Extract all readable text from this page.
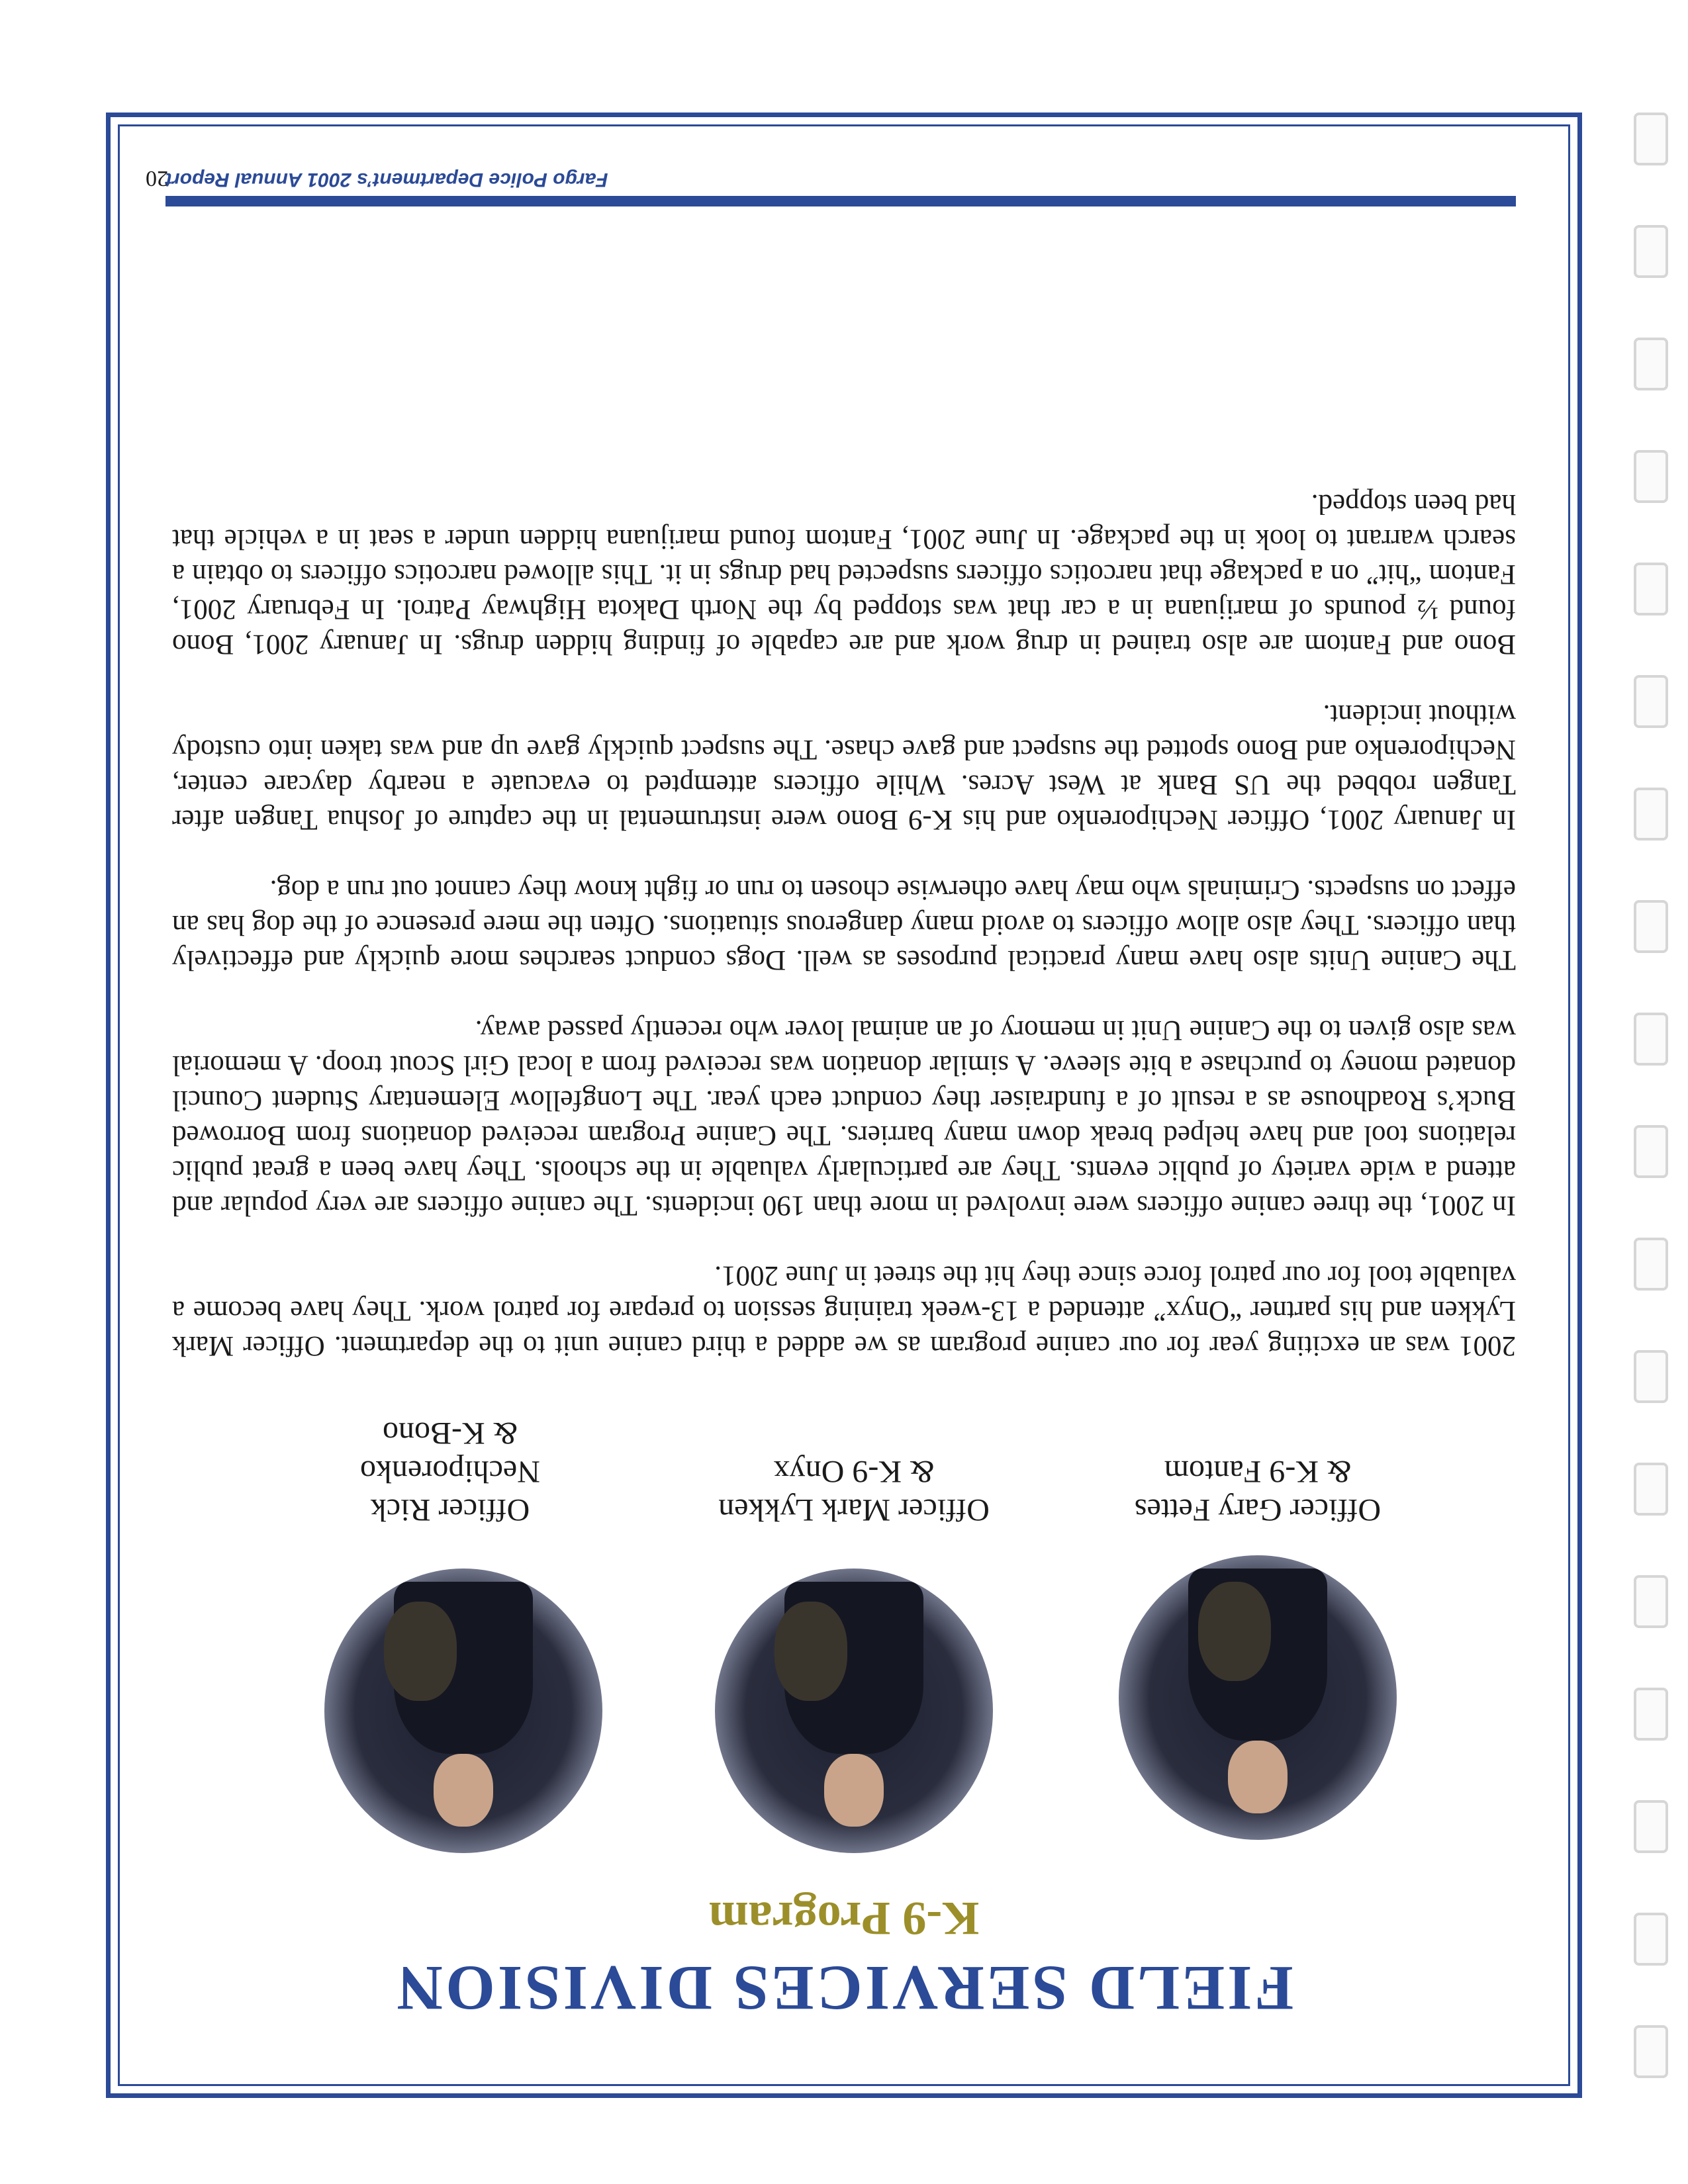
FIELD SERVICES DIVISION
K-9 Program
Officer Gary Fettes
& K-9 Fantom
Officer Mark Lykken
& K-9 Onyx
Officer Rick Nechiporenko
& K-Bono

2001 was an exciting year for our canine program as we added a third canine unit to the department. Officer Mark Lykken and his partner “Onyx” attended a 13-week training session to prepare for patrol work. They have become a valuable tool for our patrol force since they hit the street in June 2001.

In 2001, the three canine officers were involved in more than 190 incidents. The canine officers are very popular and attend a wide variety of public events. They are particularly valuable in the schools. They have been a great public relations tool and have helped break down many barriers. The Canine Program received donations from Borrowed Buck’s Roadhouse as a result of a fundraiser they conduct each year. The Longfellow Elementary Student Council donated money to purchase a bite sleeve. A similar donation was received from a local Girl Scout troop. A memorial was also given to the Canine Unit in memory of an animal lover who recently passed away.

The Canine Units also have many practical purposes as well. Dogs conduct searches more quickly and effectively than officers. They also allow officers to avoid many dangerous situations. Often the mere presence of the dog has an effect on suspects. Criminals who may have otherwise chosen to run or fight know they cannot out run a dog.

In January 2001, Officer Nechiporenko and his K-9 Bono were instrumental in the capture of Joshua Tangen after Tangen robbed the US Bank at West Acres. While officers attempted to evacuate a nearby daycare center, Nechiporenko and Bono spotted the suspect and gave chase. The suspect quickly gave up and was taken into custody without incident.

Bono and Fantom are also trained in drug work and are capable of finding hidden drugs. In January 2001, Bono found ½ pounds of marijuana in a car that was stopped by the North Dakota Highway Patrol. In February 2001, Fantom “hit” on a package that narcotics officers suspected had drugs in it. This allowed narcotics officers to obtain a search warrant to look in the package. In June 2001, Fantom found marijuana hidden under a seat in a vehicle that had been stopped.

Fargo Police Department’s 2001 Annual Report
20
